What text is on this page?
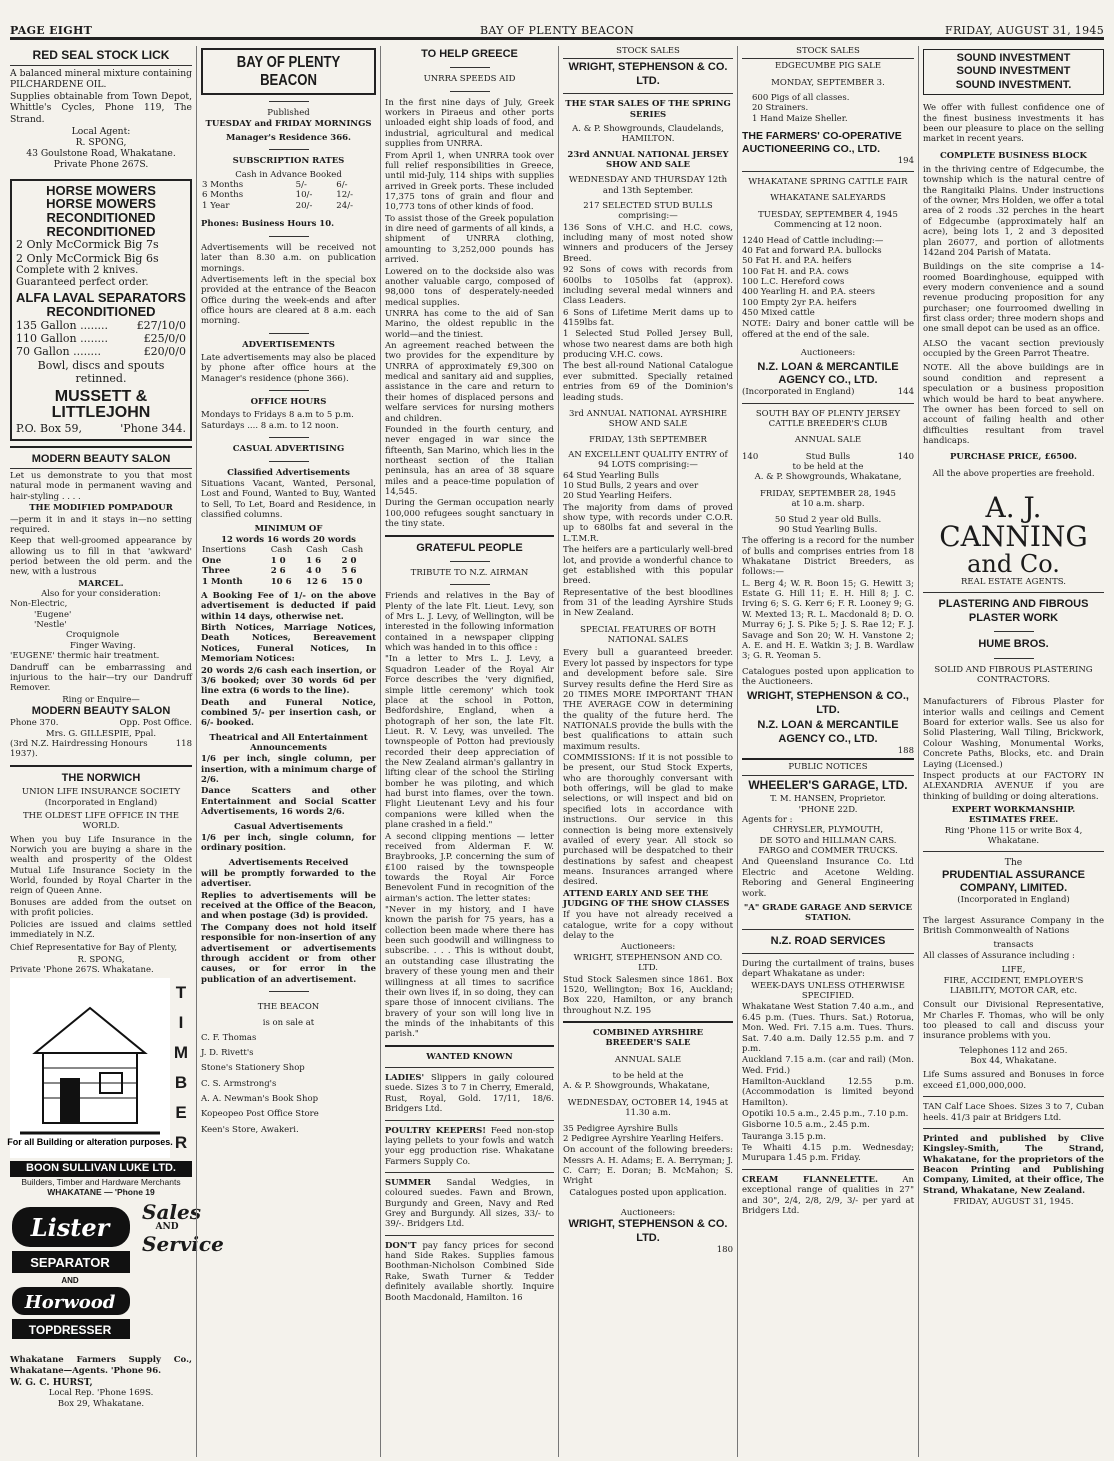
PAGE EIGHT	BAY OF PLENTY BEACON	FRIDAY, AUGUST 31, 1945
RED SEAL STOCK LICK

A balanced mineral mixture containing PILCHARDENE OIL.

Supplies obtainable from Town Depot, Whittle's Cycles, Phone 119, The Strand.

Local Agent:
R. SPONG,
43 Goulstone Road, Whakatane. Private Phone 267S.
HORSE MOWERS
HORSE MOWERS
RECONDITIONED
RECONDITIONED
2 Only McCormick Big 7s
2 Only McCormick Big 6s
Complete with 2 knives. Guaranteed perfect order.
ALFA LAVAL SEPARATORS RECONDITIONED
135 Gallon ........	£27/10/0
110 Gallon ........	£25/0/0
70 Gallon ........	£20/0/0
Bowl, discs and spouts retinned.
MUSSETT & LITTLEJOHN
P.O. Box 59,	'Phone 344.
MODERN BEAUTY SALON

Let us demonstrate to you that most natural mode in permanent waving and hair-styling . . . .

THE MODIFIED POMPADOUR

—perm it in and it stays in—no setting required.

Keep that well-groomed appearance by allowing us to fill in that 'awkward' period between the old perm. and the new, with a lustrous

MARCEL.
Also for your consideration:
Non-Electric,
'Eugene'
'Nestle'
Croquignole
Finger Waving.
'EUGENE' thermic hair treatment.

Dandruff can be embarrassing and injurious to the hair—try our Dandruff Remover.

Ring or Enquire—
MODERN BEAUTY SALON
Phone 370.	Opp. Post Office.
Mrs. G. GILLESPIE, Ppal.
(3rd N.Z. Hairdressing Honours 1937).
118
THE NORWICH
UNION LIFE INSURANCE SOCIETY
(Incorporated in England)
THE OLDEST LIFE OFFICE IN THE WORLD.

When you buy Life Insurance in the Norwich you are buying a share in the wealth and prosperity of the Oldest Mutual Life Insurance Society in the World, founded by Royal Charter in the reign of Queen Anne.

Bonuses are added from the outset on with profit policies.

Policies are issued and claims settled immediately in N.Z.

Chief Representative for Bay of Plenty,

R. SPONG,
Private 'Phone 267S. Whakatane.
For all Building or alteration purposes.
T
I
M
B
E
R
BOON SULLIVAN LUKE LTD.
Builders, Timber and Hardware Merchants
WHAKATANE — 'Phone 19
Lister
SEPARATOR
AND
Horwood
TOPDRESSER
Sales
AND
Service

Whakatane Farmers Supply Co., Whakatane—Agents. 'Phone 96.

W. G. C. HURST,
Local Rep. 'Phone 169S.
Box 29, Whakatane.
BAY OF PLENTY BEACON
Published
TUESDAY and FRIDAY MORNINGS
Manager's Residence 366.
SUBSCRIPTION RATES
Cash in Advance Booked
3 Months	5/-	6/-
6 Months	10/-	12/-
1 Year	20/-	24/-
Phones: Business Hours 10.

Advertisements will be received not later than 8.30 a.m. on publication mornings.

Advertisements left in the special box provided at the entrance of the Beacon Office during the week-ends and after office hours are cleared at 8 a.m. each morning.

ADVERTISEMENTS

Late advertisements may also be placed by phone after office hours at the Manager's residence (phone 366).

OFFICE HOURS
Mondays to Fridays 8 a.m to 5 p.m.
Saturdays .... 8 a.m. to 12 noon.
CASUAL ADVERTISING
Classified Advertisements

Situations Vacant, Wanted, Personal, Lost and Found, Wanted to Buy, Wanted to Sell, To Let, Board and Residence, in classified columns.

MINIMUM OF
12 words 16 words 20 words
Insertions	Cash	Cash	Cash
One	1 0	1 6	2 0
Three	2 6	4 0	5 6
1 Month	10 6	12 6	15 0

A Booking Fee of 1/- on the above advertisement is deducted if paid within 14 days, otherwise net.

Birth Notices, Marriage Notices, Death Notices, Bereavement Notices, Funeral Notices, In Memoriam Notices:

20 words 2/6 cash each insertion, or 3/6 booked; over 30 words 6d per line extra (6 words to the line).

Death and Funeral Notice, combined 5/- per insertion cash, or 6/- booked.

Theatrical and All Entertainment Announcements

1/6 per inch, single column, per insertion, with a minimum charge of 2/6.

Dance Scatters and other Entertainment and Social Scatter Advertisements, 16 words 2/6.

Casual Advertisements

1/6 per inch, single column, for ordinary position.

Advertisements Received

will be promptly forwarded to the advertiser.

Replies to advertisements will be received at the Office of the Beacon, and when postage (3d) is provided.

The Company does not hold itself responsible for non-insertion of any advertisement or advertisements through accident or from other causes, or for error in the publication of an advertisement.

THE BEACON
is on sale at
C. F. Thomas
J. D. Rivett's
Stone's Stationery Shop
C. S. Armstrong's
A. A. Newman's Book Shop
Kopeopeo Post Office Store
Keen's Store, Awakeri.
TO HELP GREECE
UNRRA SPEEDS AID

In the first nine days of July, Greek workers in Piraeus and other ports unloaded eight ship loads of food, and industrial, agricultural and medical supplies from UNRRA.

From April 1, when UNRRA took over full relief responsibilities in Greece, until mid-July, 114 ships with supplies arrived in Greek ports. These included 17,375 tons of grain and flour and 10,773 tons of other kinds of food.

To assist those of the Greek population in dire need of garments of all kinds, a shipment of UNRRA clothing, amounting to 3,252,000 pounds has arrived.

Lowered on to the dockside also was another valuable cargo, composed of 98,000 tons of desperately-needed medical supplies.

UNRRA has come to the aid of San Marino, the oldest republic in the world—and the tiniest.

An agreement reached between the two provides for the expenditure by UNRRA of approximately £9,300 on medical and sanitary aid and supplies, assistance in the care and return to their homes of displaced persons and welfare services for nursing mothers and children.

Founded in the fourth century, and never engaged in war since the fifteenth, San Marino, which lies in the northeast section of the Italian peninsula, has an area of 38 square miles and a peace-time population of 14,545.

During the German occupation nearly 100,000 refugees sought sanctuary in the tiny state.

GRATEFUL PEOPLE
TRIBUTE TO N.Z. AIRMAN

Friends and relatives in the Bay of Plenty of the late Flt. Lieut. Levy, son of Mrs L. J. Levy, of Wellington, will be interested in the following information contained in a newspaper clipping which was handed in to this office :

"In a letter to Mrs L. J. Levy, a Squadron Leader of the Royal Air Force describes the 'very dignified, simple little ceremony' which took place at the school in Potton, Bedfordshire, England, when a photograph of her son, the late Flt. Lieut. R. V. Levy, was unveiled. The townspeople of Potton had previously recorded their deep appreciation of the New Zealand airman's gallantry in lifting clear of the school the Stirling bomber he was piloting, and which had burst into flames, over the town. Flight Lieutenant Levy and his four companions were killed when the plane crashed in a field."

A second clipping mentions — letter received from Alderman F. W. Braybrooks, J.P. concerning the sum of £100 raised by the townspeople towards the Royal Air Force Benevolent Fund in recognition of the airman's action. The letter states:

"Never in my history, and I have known the parish for 75 years, has a collection been made where there has been such goodwill and willingness to subscribe. . . . This is without doubt, an outstanding case illustrating the bravery of these young men and their willingness at all times to sacrifice their own lives if, in so doing, they can spare those of innocent civilians. The bravery of your son will long live in the minds of the inhabitants of this parish."

WANTED KNOWN

LADIES' Slippers in gaily coloured suede. Sizes 3 to 7 in Cherry, Emerald, Rust, Royal, Gold. 17/11, 18/6. Bridgers Ltd.

POULTRY KEEPERS! Feed non-stop laying pellets to your fowls and watch your egg production rise. Whakatane Farmers Supply Co.

SUMMER Sandal Wedgies, in coloured suedes. Fawn and Brown, Burgundy and Green, Navy and Red Grey and Burgundy. All sizes, 33/- to 39/-. Bridgers Ltd.

DON'T pay fancy prices for second hand Side Rakes. Supplies famous Boothman-Nicholson Combined Side Rake, Swath Turner & Tedder definitely available shortly. Inquire Booth Macdonald, Hamilton. 16

STOCK SALES
WRIGHT, STEPHENSON & CO. LTD.
THE STAR SALES OF THE SPRING SERIES
A. & P. Showgrounds, Claudelands, HAMILTON.
23rd ANNUAL NATIONAL JERSEY SHOW AND SALE
WEDNESDAY AND THURSDAY 12th and 13th September.
217 SELECTED STUD BULLS comprising:—

136 Sons of V.H.C. and H.C. cows, including many of most noted show winners and producers of the Jersey Breed.

92 Sons of cows with records from 600lbs to 1050lbs fat (approx). including several medal winners and Class Leaders.

6 Sons of Lifetime Merit dams up to 4159lbs fat.

1 Selected Stud Polled Jersey Bull, whose two nearest dams are both high producing V.H.C. cows.

The best all-round National Catalogue ever submitted. Specially retained entries from 69 of the Dominion's leading studs.

3rd ANNUAL NATIONAL AYRSHIRE SHOW AND SALE
FRIDAY, 13th SEPTEMBER
AN EXCELLENT QUALITY ENTRY of 94 LOTS comprising:—
64 Stud Yearling Bulls
10 Stud Bulls, 2 years and over
20 Stud Yearling Heifers.

The majority from dams of proved show type, with records under C.O.R. up to 680lbs fat and several in the L.T.M.R.

The heifers are a particularly well-bred lot, and provide a wonderful chance to get established with this popular breed.

Representative of the best bloodlines from 31 of the leading Ayrshire Studs in New Zealand.

SPECIAL FEATURES OF BOTH NATIONAL SALES

Every bull a guaranteed breeder. Every lot passed by inspectors for type and development before sale. Sire Survey results define the Herd Sire as 20 TIMES MORE IMPORTANT THAN THE AVERAGE COW in determining the quality of the future herd. The NATIONALS provide the bulls with the best qualifications to attain such maximum results.

COMMISSIONS: If it is not possible to be present, our Stud Stock Experts, who are thoroughly conversant with both offerings, will be glad to make selections, or will inspect and bid on specified lots in accordance with instructions. Our service in this connection is being more extensively availed of every year. All stock so purchased will be despatched to their destinations by safest and cheapest means. Insurances arranged where desired.

ATTEND EARLY AND SEE THE JUDGING OF THE SHOW CLASSES

If you have not already received a catalogue, write for a copy without delay to the

Auctioneers:
WRIGHT, STEPHENSON AND CO. LTD.

Stud Stock Salesmen since 1861. Box 1520, Wellington; Box 16, Auckland; Box 220, Hamilton, or any branch throughout N.Z. 195

COMBINED AYRSHIRE BREEDER'S SALE
ANNUAL SALE
to be held at the
A. & P. Showgrounds, Whakatane,
WEDNESDAY, OCTOBER 14, 1945 at 11.30 a.m.
35 Pedigree Ayrshire Bulls
2 Pedigree Ayrshire Yearling Heifers.

On account of the following breeders: Messrs A. H. Adams; E. A. Berryman; J. C. Carr; E. Doran; B. McMahon; S. Wright

Catalogues posted upon application.
Auctioneers:
WRIGHT, STEPHENSON & CO. LTD.
180
STOCK SALES
EDGECUMBE PIG SALE
MONDAY, SEPTEMBER 3.
600 Pigs of all classes.
20 Strainers.
1 Hand Maize Sheller.
THE FARMERS' CO-OPERATIVE AUCTIONEERING CO., LTD.
194
WHAKATANE SPRING CATTLE FAIR
WHAKATANE SALEYARDS
TUESDAY, SEPTEMBER 4, 1945
Commencing at 12 noon.
1240 Head of Cattle including:—
40 Fat and forward P.A. bullocks
50 Fat H. and P.A. heifers
100 Fat H. and P.A. cows
100 L.C. Hereford cows
400 Yearling H. and P.A. steers
100 Empty 2yr P.A. heifers
450 Mixed cattle

NOTE: Dairy and boner cattle will be offered at the end of the sale.

Auctioneers:
N.Z. LOAN & MERCANTILE AGENCY CO., LTD.
(Incorporated in England)	144
SOUTH BAY OF PLENTY JERSEY CATTLE BREEDER'S CLUB
ANNUAL SALE
140	Stud Bulls	140
to be held at the
A. & P. Showgrounds, Whakatane,
FRIDAY, SEPTEMBER 28, 1945
at 10 a.m. sharp.
50 Stud 2 year old Bulls.
90 Stud Yearling Bulls.

The offering is a record for the number of bulls and comprises entries from 18 Whakatane District Breeders, as follows:—

L. Berg 4; W. R. Boon 15; G. Hewitt 3; Estate G. Hill 11; E. H. Hill 8; J. C. Irving 6; S. G. Kerr 6; F. R. Looney 9; G. W. Mexted 13; R. L. Macdonald 8; D. O. Murray 6; J. S. Pike 5; J. S. Rae 12; F. J. Savage and Son 20; W. H. Vanstone 2; A. E. and H. E. Watkin 3; J. B. Wardlaw 3; G. R. Yeoman 5.

Catalogues posted upon application to the Auctioneers.

WRIGHT, STEPHENSON & CO., LTD.
N.Z. LOAN & MERCANTILE AGENCY CO., LTD.
188
PUBLIC NOTICES
WHEELER'S GARAGE, LTD.
T. M. HANSEN, Proprietor.
'PHONE 22D.
Agents for :
CHRYSLER, PLYMOUTH,
DE SOTO and HILLMAN CARS.
FARGO and COMMER TRUCKS.

And Queensland Insurance Co. Ltd Electric and Acetone Welding. Reboring and General Engineering work.

"A" GRADE GARAGE AND SERVICE STATION.
N.Z. ROAD SERVICES

During the curtailment of trains, buses depart Whakatane as under:

WEEK-DAYS UNLESS OTHERWISE SPECIFIED.

Whakatane West Station 7.40 a.m., and 6.45 p.m. (Tues. Thurs. Sat.) Rotorua, Mon. Wed. Fri. 7.15 a.m. Tues. Thurs. Sat. 7.40 a.m. Daily 12.55 p.m. and 7 p.m.

Auckland 7.15 a.m. (car and rail) (Mon. Wed. Frid.)

Hamilton-Auckland 12.55 p.m. (Accommodation is limited beyond Hamilton).

Opotiki 10.5 a.m., 2.45 p.m., 7.10 p.m.

Gisborne 10.5 a.m., 2.45 p.m.

Tauranga 3.15 p.m.

Te Whaiti 4.15 p.m. Wednesday; Murupara 1.45 p.m. Friday.

CREAM FLANNELETTE.	An exceptional range of qualities in 27" and 30", 2/4, 2/8, 2/9, 3/- per yard at Bridgers Ltd.

SOUND INVESTMENT
SOUND INVESTMENT
SOUND INVESTMENT.

We offer with fullest confidence one of the finest business investments it has been our pleasure to place on the selling market in recent years.

COMPLETE BUSINESS BLOCK

in the thriving centre of Edgecumbe, the township which is the natural centre of the Rangitaiki Plains. Under instructions of the owner, Mrs Holden, we offer a total area of 2 roods .32 perches in the heart of Edgecumbe (approximately half an acre), being lots 1, 2 and 3 deposited plan 26077, and portion of allotments 142and 204 Parish of Matata.

Buildings on the site comprise a 14-roomed Boardinghouse, equipped with every modern convenience and a sound revenue producing proposition for any purchaser; one fourroomed dwelling in first class order; three modern shops and one small depot can be used as an office.

ALSO the vacant section previously occupied by the Green Parrot Theatre.

NOTE. All the above buildings are in sound condition and represent a speculation or a business proposition which would be hard to beat anywhere. The owner has been forced to sell on account of failing health and other difficulties resultant from travel handicaps.

PURCHASE PRICE, £6500.
All the above properties are freehold.
A. J. CANNING
and Co.
REAL ESTATE AGENTS.
PLASTERING AND FIBROUS PLASTER WORK
HUME BROS.
SOLID AND FIBROUS PLASTERING CONTRACTORS.

Manufacturers of Fibrous Plaster for interior walls and ceilings and Cement Board for exterior walls. See us also for Solid Plastering, Wall Tiling, Brickwork, Colour Washing, Monumental Works, Concrete Paths, Blocks, etc. and Drain Laying (Licensed.)

Inspect products at our FACTORY IN ALEXANDRIA AVENUE if you are thinking of building or doing alterations.

EXPERT WORKMANSHIP. ESTIMATES FREE.
Ring 'Phone 115 or write Box 4, Whakatane.
The
PRUDENTIAL ASSURANCE COMPANY, LIMITED.
(Incorporated in England)

The largest Assurance Company in the British Commonwealth of Nations

transacts
All classes of Assurance including :
LIFE,
FIRE, ACCIDENT, EMPLOYER'S LIABILITY, MOTOR CAR, etc.

Consult our Divisional Representative, Mr Charles F. Thomas, who will be only too pleased to call and discuss your insurance problems with you.

Telephones 112 and 265.
Box 44, Whakatane.

Life Sums assured and Bonuses in force exceed £1,000,000,000.

TAN Calf Lace Shoes. Sizes 3 to 7, Cuban heels. 41/3 pair at Bridgers Ltd.

Printed and published by Clive Kingsley-Smith, The Strand, Whakatane, for the proprietors of the Beacon Printing and Publishing Company, Limited, at their office, The Strand, Whakatane, New Zealand.

FRIDAY, AUGUST 31, 1945.
